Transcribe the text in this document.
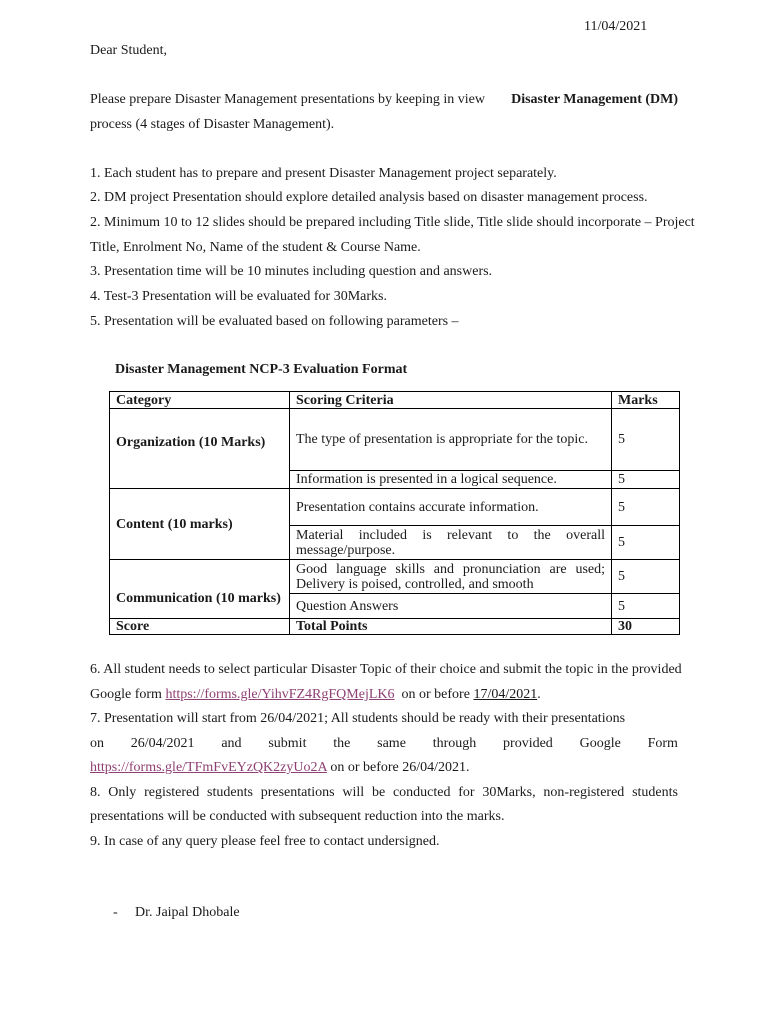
11/04/2021
Dear Student,
Please prepare Disaster Management presentations by keeping in view Disaster Management (DM)
process (4 stages of Disaster Management).
1. Each student has to prepare and present Disaster Management project separately.
2. DM project Presentation should explore detailed analysis based on disaster management process.
2. Minimum 10 to 12 slides should be prepared including Title slide, Title slide should incorporate – Project
Title, Enrolment No, Name of the student & Course Name.
3. Presentation time will be 10 minutes including question and answers.
4. Test-3 Presentation will be evaluated for 30Marks.
5. Presentation will be evaluated based on following parameters –
Disaster Management NCP-3 Evaluation Format
Category	Scoring Criteria	Marks
Organization (10 Marks)	The type of presentation is appropriate for the topic.	5
	Information is presented in a logical sequence.	5
Content (10 marks)	Presentation contains accurate information.	5
	Material included is relevant to the overall message/purpose.	5
Communication (10 marks)	Good language skills and pronunciation are used; Delivery is poised, controlled, and smooth	5
	Question Answers	5
Score	Total Points	30
6. All student needs to select particular Disaster Topic of their choice and submit the topic in the provided
Google form https://forms.gle/YihvFZ4RgFQMejLK6 on or before 17/04/2021.
7. Presentation will start from 26/04/2021; All students should be ready with their presentations
on 26/04/2021 and submit the same through provided Google Form
https://forms.gle/TFmFvEYzQK2zyUo2A on or before 26/04/2021.
8. Only registered students presentations will be conducted for 30Marks, non-registered students
presentations will be conducted with subsequent reduction into the marks.
9. In case of any query please feel free to contact undersigned.
- Dr. Jaipal Dhobale
